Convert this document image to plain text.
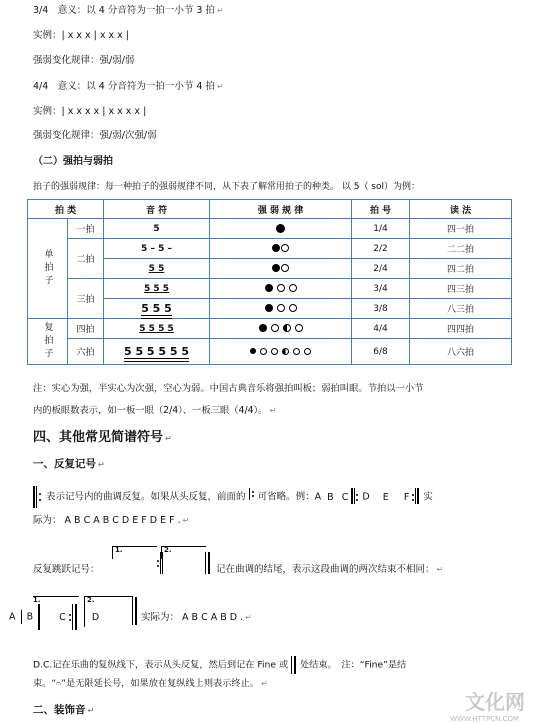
3/4　意义：以 4 分音符为一拍一小节 3 拍 ↵
实例：| x x x | x x x |
强弱变化规律：强/弱/弱
4/4　意义：以 4 分音符为一拍一小节 4 拍 ↵
实例：| x x x x | x x x x |
强弱变化规律：强/弱/次强/弱
（二）强拍与弱拍
拍子的强弱规律：每一种拍子的强弱规律不同，从下表了解常用拍子的种类。 以 5（ sol）为例：
拍 类		音 符	强 弱 规 律	拍 号	读 法
单拍子	一拍	5		1/4	四一拍
	二拍	5 – 5 –		2/2	二二拍
		5 5		2/4	四二拍
	三拍	5 5 5		3/4	四三拍
		5 5 5		3/8	八三拍
复拍子	四拍	5 5 5 5		4/4	四四拍
	六拍	5 5 5 5 5 5		6/8	八六拍
注：实心为强，半实心为次强，空心为弱。中国古典音乐将强拍叫板；弱拍叫眼。节拍以一小节
内的板眼数表示，如一板一眼（2/4）、一板三眼（4/4）。 ↵
四、其他常见简谱符号 ↵
一、反复记号 ↵
表示记号内的曲调反复。如果从头反复，前面的 可省略。例：A B C D E F 实
际为： A B C A B C D E F D E F . ↵
1.	2.
反复跳跃记号：	记在曲调的结尾，表示这段曲调的两次结束不相同： ↵
1.	2.
A B	C	D	实际为： A B C A B D . ↵
D.C.记在乐曲的复纵线下，表示从头反复，然后到记在 Fine 或 处结束。　注：“Fine”是结
束。“𝄐”是无限延长号，如果放在复纵线上则表示终止。 ↵
二、装饰音 ↵	文化网
WWW.HTTPCN.COM
